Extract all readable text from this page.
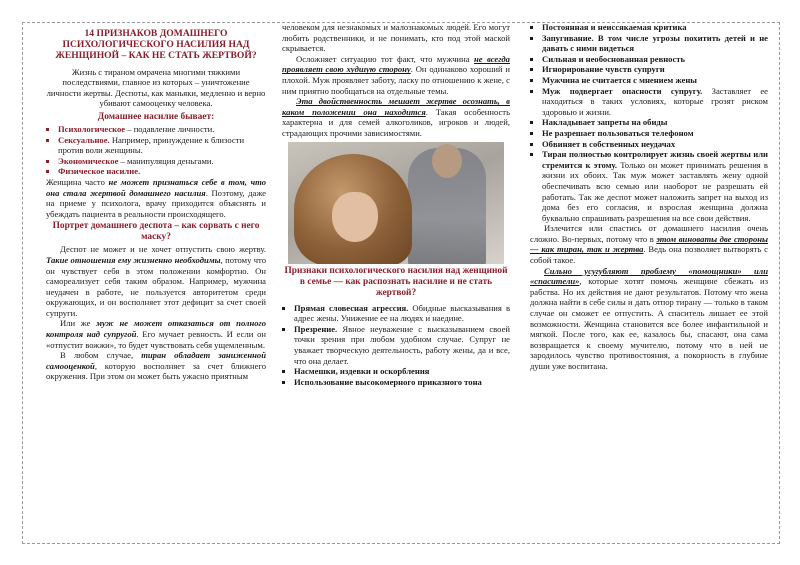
14 ПРИЗНАКОВ ДОМАШНЕГО ПСИХОЛОГИЧЕСКОГО НАСИЛИЯ НАД ЖЕНЩИНОЙ – КАК НЕ СТАТЬ ЖЕРТВОЙ?

Жизнь с тираном омрачена многими тяжкими последствиями, главное из которых – уничтожение личности жертвы. Деспоты, как маньяки, медленно и верно убивают самооценку человека.

Домашнее насилие бывает:

▪ Психологическое – подавление личности.
▪ Сексуальное. Например, принуждение к близости против воли женщины.
▪ Экономическое – манипуляция деньгами.
▪ Физическое насилие.

Женщина часто не может признаться себе в том, что она стала жертвой домашнего насилия. Поэтому, даже на приеме у психолога, врачу приходится объяснять и убеждать пациента в реальности происходящего.

Портрет домашнего деспота – как сорвать с него маску?

Деспот не может и не хочет отпустить свою жертву. Такие отношения ему жизненно необходимы, потому что он чувствует себя в этом положении комфортно. Он самореализует себя таким образом. Например, мужчина неудачен в работе, не пользуется авторитетом среди окружающих, и он восполняет этот дефицит за счет своей супруги.

Или же муж не может отказаться от полного контроля над супругой. Его мучает ревность. И если он «отпустит вожжи», то будет чувствовать себя ущемленным.

В любом случае, тиран обладает заниженной самооценкой, которую восполняет за счет ближнего окружения. При этом он может быть ужасно приятным

человеком для незнакомых и малознакомых людей. Его могут любить родственники, и не понимать, кто под этой маской скрывается.

Осложняет ситуацию тот факт, что мужчина не всегда проявляет свою худшую сторону. Он одинаково хороший и плохой. Муж проявляет заботу, ласку по отношению к жене, с ним приятно пообщаться на отдельные темы.

Эта двойственность мешает жертве осознать, в каком положении она находится. Такая особенность характерна и для семей алкоголиков, игроков и людей, страдающих прочими зависимостями.

Признаки психологического насилия над женщиной в семье — как распознать насилие и не стать жертвой?

▪ Прямая словесная агрессия. Обидные высказывания в адрес жены. Унижение ее на людях и наедине.
▪ Презрение. Явное неуважение с высказыванием своей точки зрения при любом удобном случае. Супруг не уважает творческую деятельность, работу жены, да и все, что она делает.
▪ Насмешки, издевки и оскорбления
▪ Использование высокомерного приказного тона
▪ Постоянная и неиссякаемая критика
▪ Запугивание. В том числе угрозы похитить детей и не давать с ними видеться
▪ Сильная и необоснованная ревность
▪ Игнорирование чувств супруги
▪ Мужчина не считается с мнением жены
▪ Муж подвергает опасности супругу. Заставляет ее находиться в таких условиях, которые грозят риском здоровью и жизни.
▪ Накладывает запреты на обиды
▪ Не разрешает пользоваться телефоном
▪ Обвиняет в собственных неудачах
▪ Тиран полностью контролирует жизнь своей жертвы или стремится к этому. Только он может принимать решения в жизни их обоих. Так муж может заставлять жену одной обеспечивать всю семью или наоборот не разрешать ей работать. Так же деспот может наложить запрет на выход из дома без его согласия, и взрослая женщина должна буквально спрашивать разрешения на все свои действия.

Излечится или спастись от домашнего насилия очень сложно. Во-первых, потому что в этом виноваты две стороны — как тиран, так и жертва. Ведь она позволяет вытворять с собой такое.

Сильно усугубляют проблему «помощники» или «спасители», которые хотят помочь женщине сбежать из рабства. Но их действия не дают результатов. Потому что жена должна найти в себе силы и дать отпор тирану — только в таком случае он сможет ее отпустить. А спаситель лишает ее этой возможности. Женщина становится все более инфантильной и мягкой. После того, как ее, казалось бы, спасают, она сама возвращается к своему мучителю, потому что в ней не зародилось чувство противостояния, а покорность в глубине души уже воспитана.
